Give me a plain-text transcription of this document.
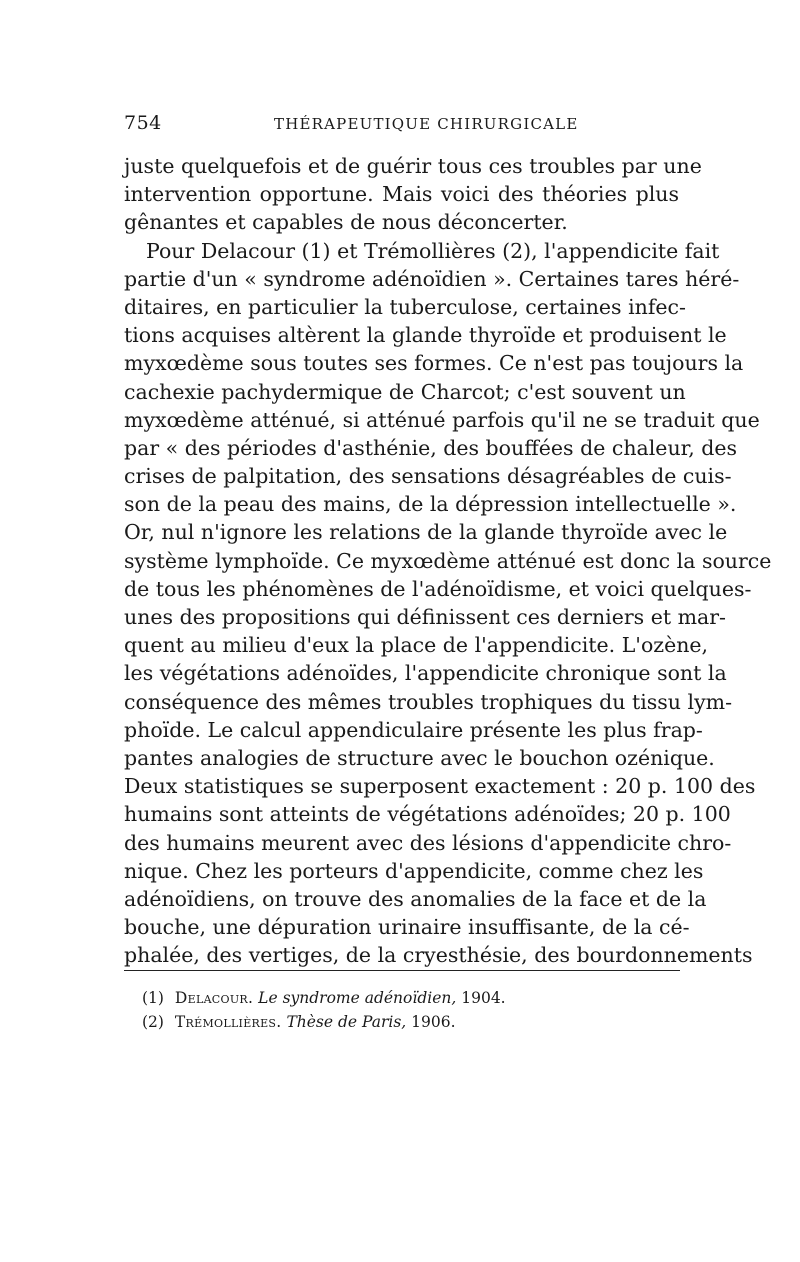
754	THÉRAPEUTIQUE CHIRURGICALE
juste quelquefois et de guérir tous ces troubles par une
intervention opportune. Mais voici des théories plus
gênantes et capables de nous déconcerter.
Pour Delacour (1) et Trémollières (2), l'appendicite fait
partie d'un « syndrome adénoïdien ». Certaines tares héré-
ditaires, en particulier la tuberculose, certaines infec-
tions acquises altèrent la glande thyroïde et produisent le
myxœdème sous toutes ses formes. Ce n'est pas toujours la
cachexie pachydermique de Charcot; c'est souvent un
myxœdème atténué, si atténué parfois qu'il ne se traduit que
par « des périodes d'asthénie, des bouffées de chaleur, des
crises de palpitation, des sensations désagréables de cuis-
son de la peau des mains, de la dépression intellectuelle ».
Or, nul n'ignore les relations de la glande thyroïde avec le
système lymphoïde. Ce myxœdème atténué est donc la source
de tous les phénomènes de l'adénoïdisme, et voici quelques-
unes des propositions qui définissent ces derniers et mar-
quent au milieu d'eux la place de l'appendicite. L'ozène,
les végétations adénoïdes, l'appendicite chronique sont la
conséquence des mêmes troubles trophiques du tissu lym-
phoïde. Le calcul appendiculaire présente les plus frap-
pantes analogies de structure avec le bouchon ozénique.
Deux statistiques se superposent exactement : 20 p. 100 des
humains sont atteints de végétations adénoïdes; 20 p. 100
des humains meurent avec des lésions d'appendicite chro-
nique. Chez les porteurs d'appendicite, comme chez les
adénoïdiens, on trouve des anomalies de la face et de la
bouche, une dépuration urinaire insuffisante, de la cé-
phalée, des vertiges, de la cryesthésie, des bourdonnements
(1) Delacour. Le syndrome adénoïdien, 1904.
(2) Trémollières. Thèse de Paris, 1906.
